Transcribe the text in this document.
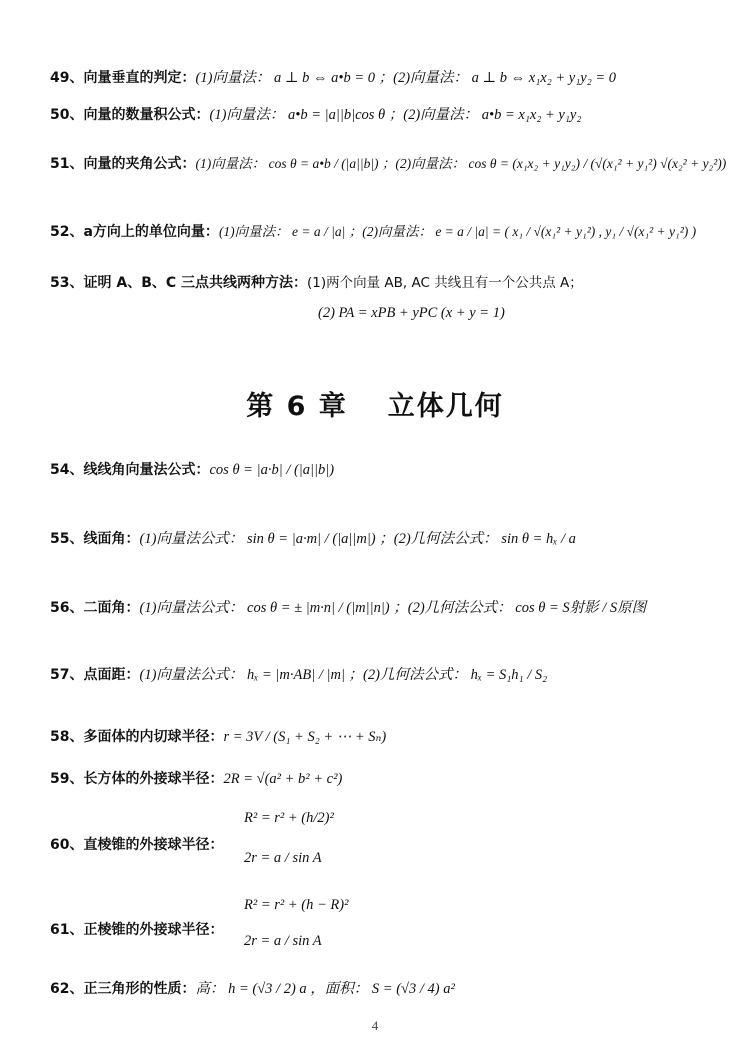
49、向量垂直的判定：(1)向量法： a ⊥ b ⇔ a•b = 0 ；(2)向量法： a ⊥ b ⇔ x₁x₂ + y₁y₂ = 0
50、向量的数量积公式：(1)向量法： a•b = |a||b|cos θ ；(2)向量法： a•b = x₁x₂ + y₁y₂
51、向量的夹角公式：(1)向量法： cos θ = a•b / (|a||b|) ；(2)向量法： cos θ = (x₁x₂ + y₁y₂) / (√(x₁² + y₁²) √(x₂² + y₂²))
52、a方向上的单位向量：(1)向量法： e = a / |a| ；(2)向量法： e = a / |a| = ( x₁ / √(x₁² + y₁²) , y₁ / √(x₁² + y₁²) )
53、证明 A、B、C 三点共线两种方法：(1)两个向量 AB, AC 共线且有一个公共点 A；
(2) PA = xPB + yPC (x + y = 1)
第 6 章 立体几何
54、线线角向量法公式：cos θ = |a·b| / (|a||b|)
55、线面角：(1)向量法公式： sin θ = |a·m| / (|a||m|) ；(2)几何法公式： sin θ = hₓ / a
56、二面角：(1)向量法公式： cos θ = ± |m·n| / (|m||n|) ；(2)几何法公式： cos θ = S射影 / S原图
57、点面距：(1)向量法公式： hₓ = |m·AB| / |m| ；(2)几何法公式： hₓ = S₁h₁ / S₂
58、多面体的内切球半径：r = 3V / (S₁ + S₂ + ⋯ + Sₙ)
59、长方体的外接球半径：2R = √(a² + b² + c²)
60、直棱锥的外接球半径：
R² = r² + (h/2)²
2r = a / sin A
61、正棱锥的外接球半径：
R² = r² + (h − R)²
2r = a / sin A
62、正三角形的性质：高： h = (√3 / 2) a ，面积： S = (√3 / 4) a²
4
